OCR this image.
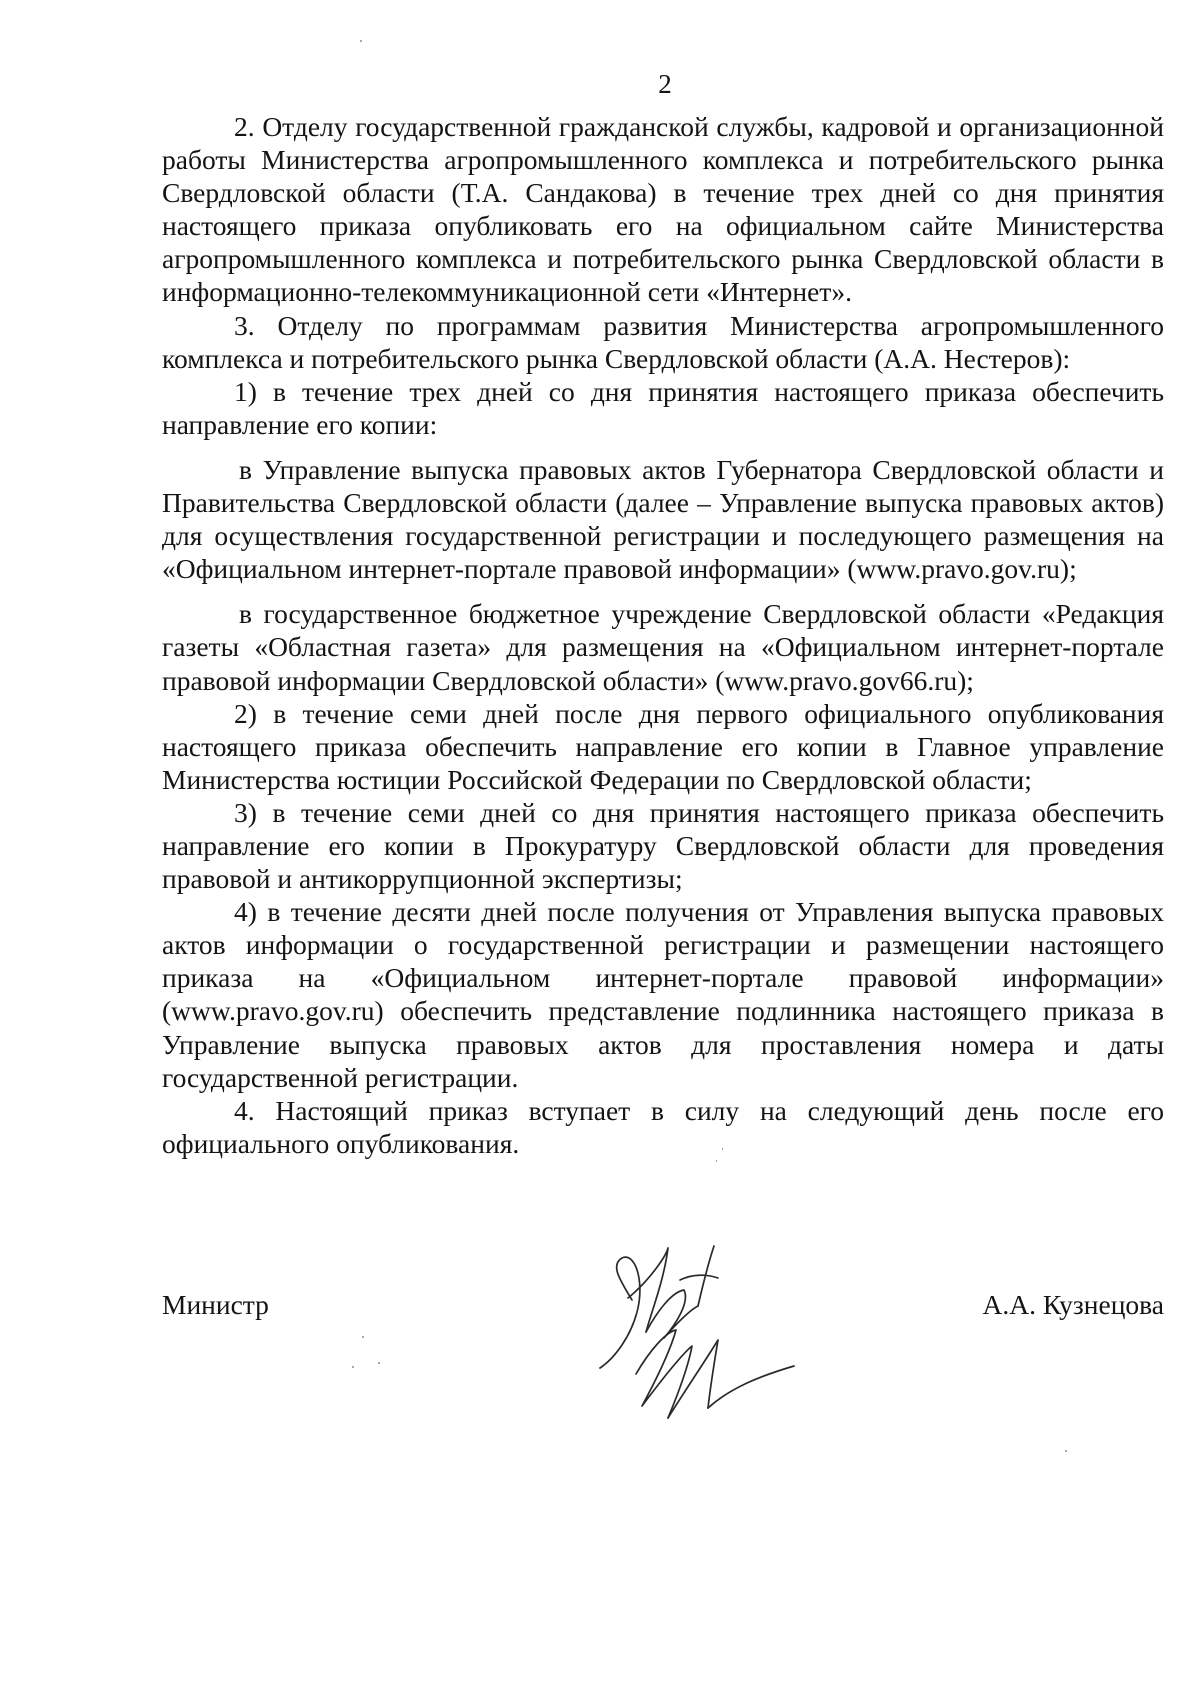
2

2. Отделу государственной гражданской службы, кадровой и организационной работы Министерства агропромышленного комплекса и потребительского рынка Свердловской области (Т.А. Сандакова) в течение трех дней со дня принятия настоящего приказа опубликовать его на официальном сайте Министерства агропромышленного комплекса и потребительского рынка Свердловской области в информационно-телекоммуникационной сети «Интернет».

3. Отделу по программам развития Министерства агропромышленного комплекса и потребительского рынка Свердловской области (А.А. Нестеров):

1) в течение трех дней со дня принятия настоящего приказа обеспечить направление его копии:

в Управление выпуска правовых актов Губернатора Свердловской области и Правительства Свердловской области (далее – Управление выпуска правовых актов) для осуществления государственной регистрации и последующего размещения на «Официальном интернет-портале правовой информации» (www.pravo.gov.ru);

в государственное бюджетное учреждение Свердловской области «Редакция газеты «Областная газета» для размещения на «Официальном интернет-портале правовой информации Свердловской области» (www.pravo.gov66.ru);

2) в течение семи дней после дня первого официального опубликования настоящего приказа обеспечить направление его копии в Главное управление Министерства юстиции Российской Федерации по Свердловской области;

3) в течение семи дней со дня принятия настоящего приказа обеспечить направление его копии в Прокуратуру Свердловской области для проведения правовой и антикоррупционной экспертизы;

4) в течение десяти дней после получения от Управления выпуска правовых актов информации о государственной регистрации и размещении настоящего приказа на «Официальном интернет-портале правовой информации» (www.pravo.gov.ru) обеспечить представление подлинника настоящего приказа в Управление выпуска правовых актов для проставления номера и даты государственной регистрации.

4. Настоящий приказ вступает в силу на следующий день после его официального опубликования.

Министр	А.А. Кузнецова
